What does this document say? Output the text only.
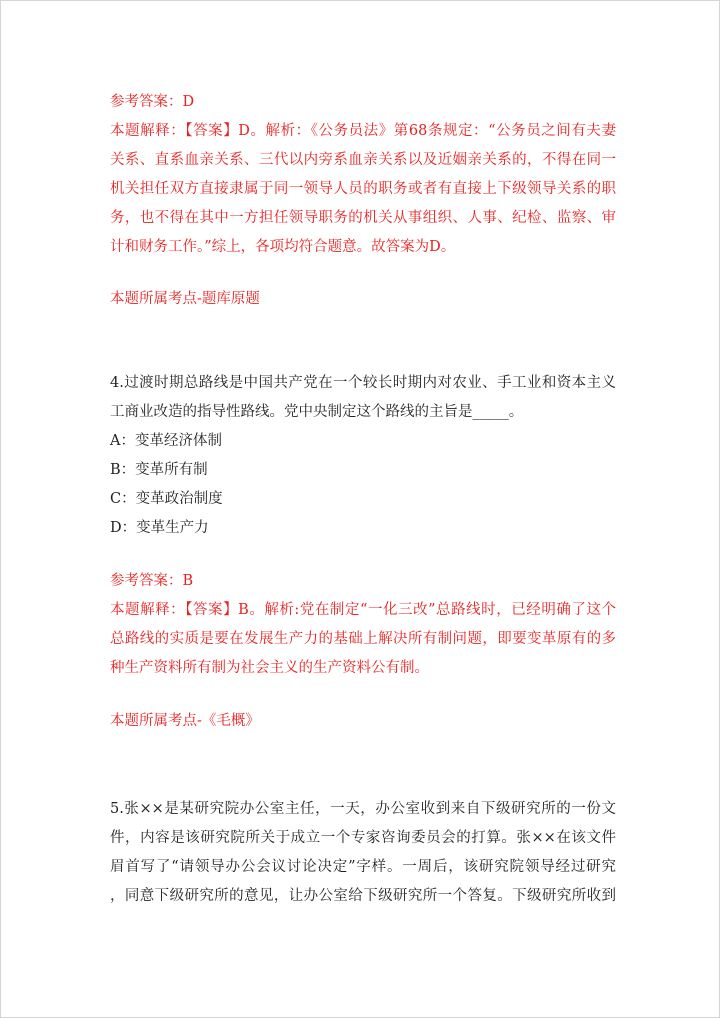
参考答案：D
本题解释：【答案】D。解析：《公务员法》第68条规定：“公务员之间有夫妻
关系、直系血亲关系、三代以内旁系血亲关系以及近姻亲关系的，不得在同一
机关担任双方直接隶属于同一领导人员的职务或者有直接上下级领导关系的职
务，也不得在其中一方担任领导职务的机关从事组织、人事、纪检、监察、审
计和财务工作。”综上，各项均符合题意。故答案为D。
本题所属考点-题库原题
4.过渡时期总路线是中国共产党在一个较长时期内对农业、手工业和资本主义
工商业改造的指导性路线。党中央制定这个路线的主旨是_____。
A：变革经济体制
B：变革所有制
C：变革政治制度
D：变革生产力
参考答案：B
本题解释：【答案】B。解析:党在制定“一化三改”总路线时，已经明确了这个
总路线的实质是要在发展生产力的基础上解决所有制问题，即要变革原有的多
种生产资料所有制为社会主义的生产资料公有制。
本题所属考点-《毛概》
5.张××是某研究院办公室主任，一天，办公室收到来自下级研究所的一份文
件，内容是该研究院所关于成立一个专家咨询委员会的打算。张××在该文件
眉首写了“请领导办公会议讨论决定”字样。一周后，该研究院领导经过研究
，同意下级研究所的意见，让办公室给下级研究所一个答复。下级研究所收到
